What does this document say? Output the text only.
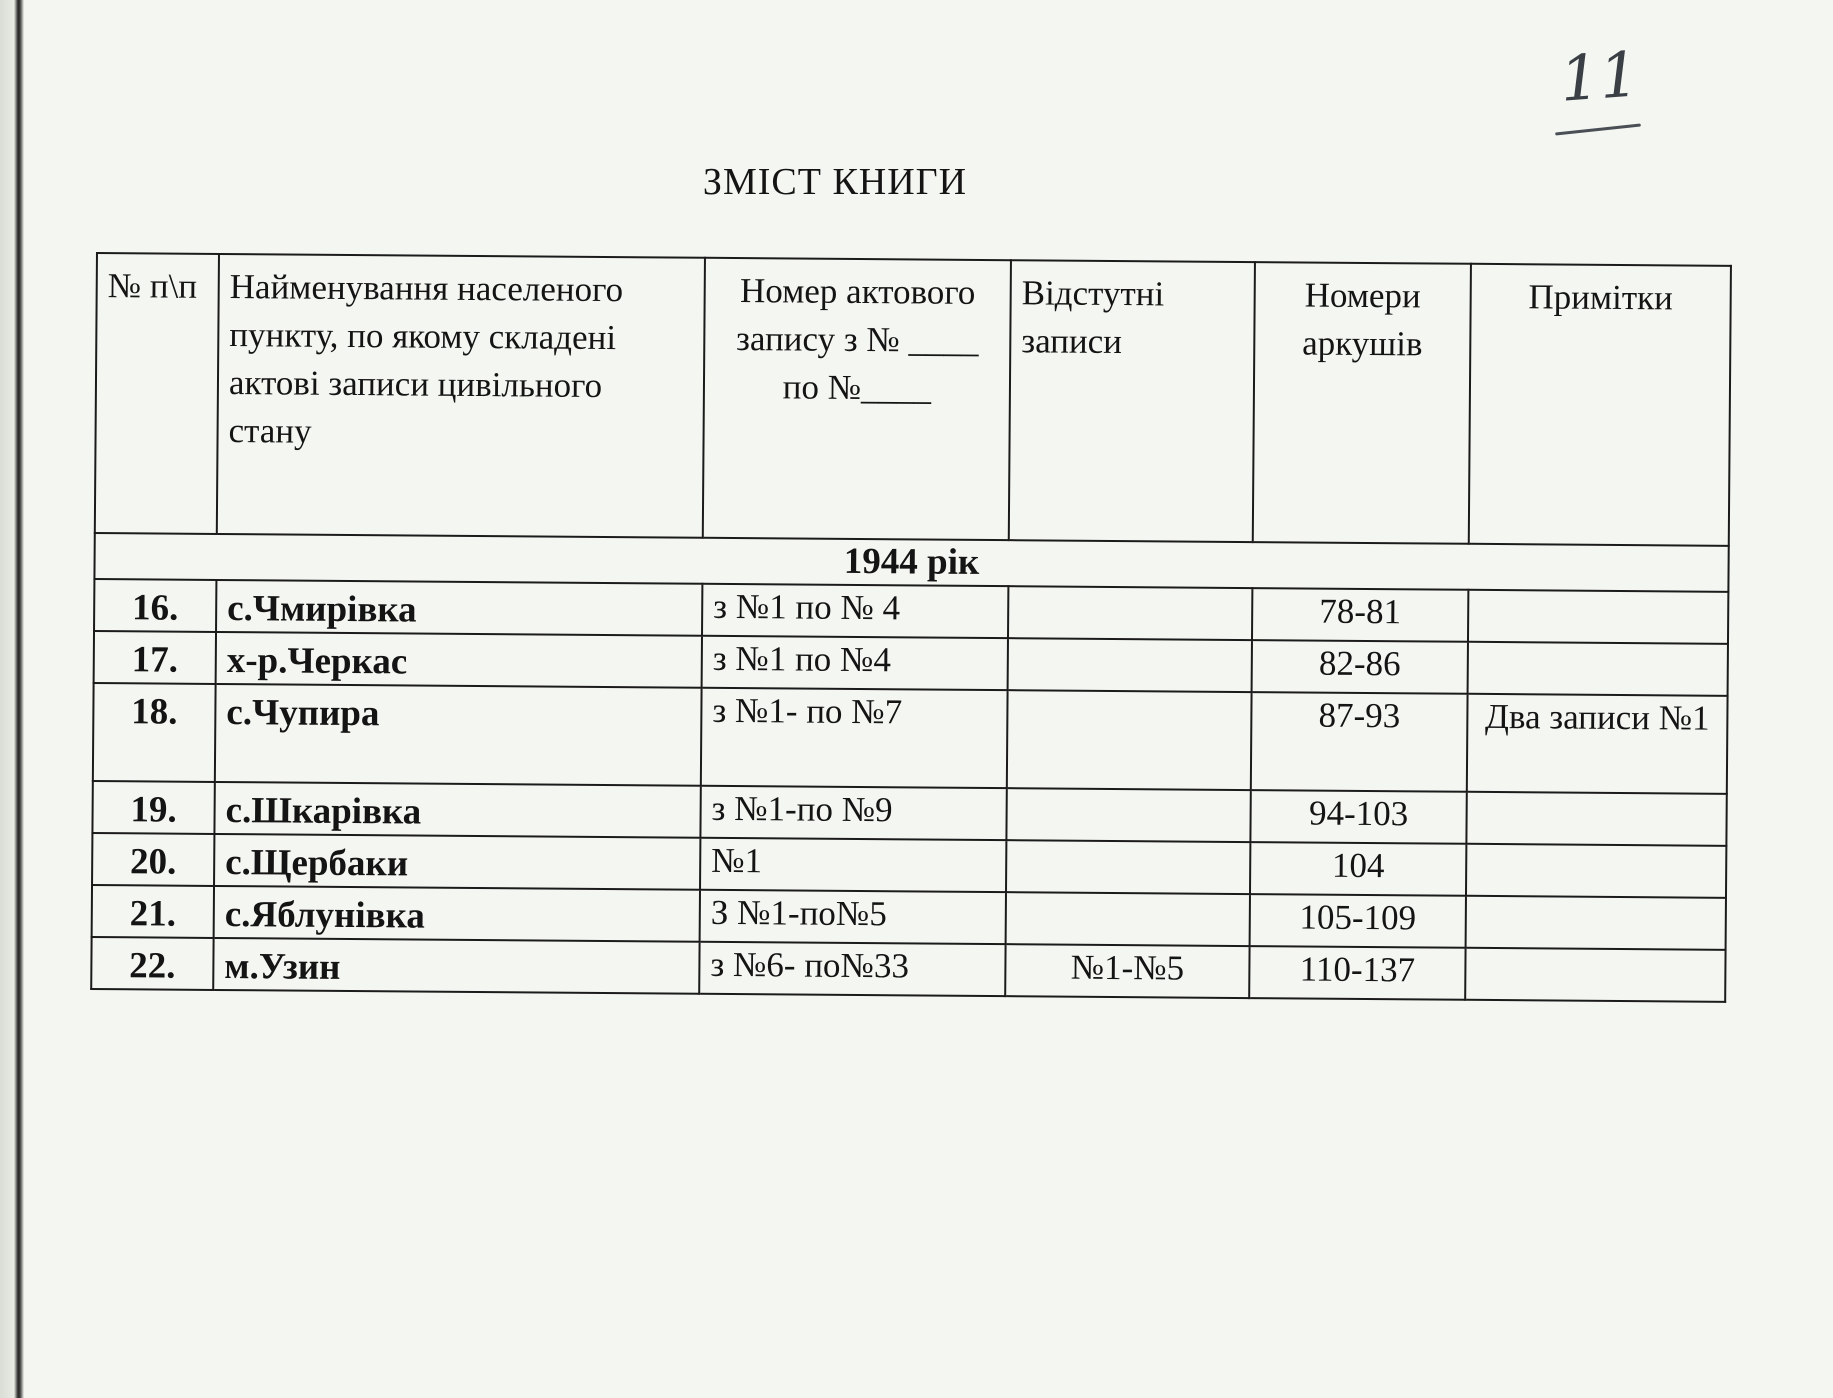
11
ЗМІСТ КНИГИ
№ п\п	Найменування населеного пункту, по якому складені актові записи цивільного стану	Номер актового запису з № ____ по №____	Відстутні записи	Номери аркушів	Примітки
1944 рік					
16.	с.Чмирівка	з №1 по № 4		78-81	
17.	х-р.Черкас	з №1 по №4		82-86	
18.	с.Чупира	з №1- по №7		87-93	Два записи №1
19.	с.Шкарівка	з №1-по №9		94-103	
20.	с.Щербаки	№1		104	
21.	с.Яблунівка	З №1-по№5		105-109	
22.	м.Узин	з №6- по№33	№1-№5	110-137	
